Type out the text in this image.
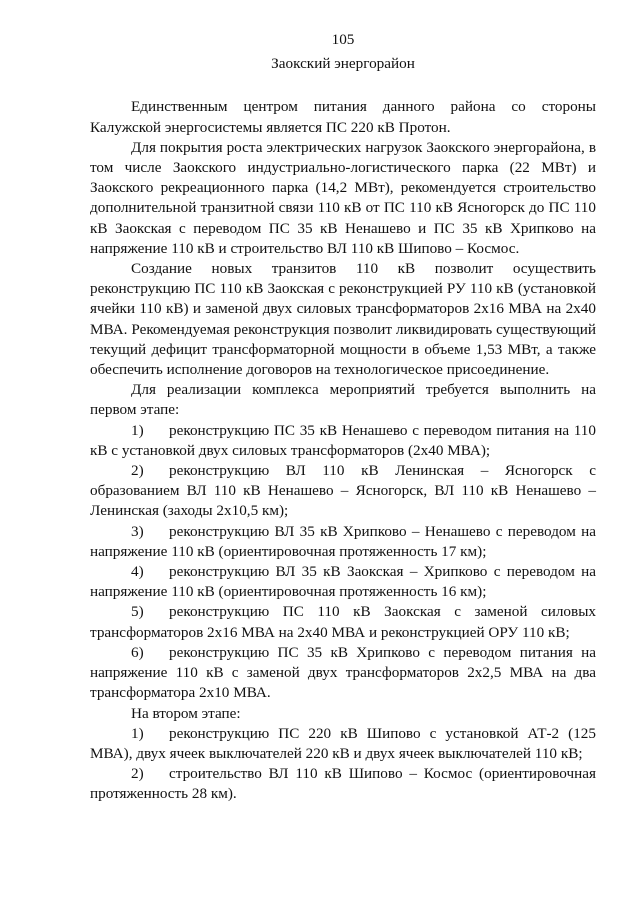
105
Заокский энергорайон

Единственным центром питания данного района со стороны Калужской энергосистемы является ПС 220 кВ Протон.

Для покрытия роста электрических нагрузок Заокского энергорайона, в том числе Заокского индустриально-логистического парка (22 МВт) и Заокского рекреационного парка (14,2 МВт), рекомендуется строительство дополнительной транзитной связи 110 кВ от ПС 110 кВ Ясногорск до ПС 110 кВ Заокская с переводом ПС 35 кВ Ненашево и ПС 35 кВ Хрипково на напряжение 110 кВ и строительство ВЛ 110 кВ Шипово – Космос.

Создание новых транзитов 110 кВ позволит осуществить реконструкцию ПС 110 кВ Заокская с реконструкцией РУ 110 кВ (установкой ячейки 110 кВ) и заменой двух силовых трансформаторов 2х16 МВА на 2х40 МВА. Рекомендуемая реконструкция позволит ликвидировать существующий текущий дефицит трансформаторной мощности в объеме 1,53 МВт, а также обеспечить исполнение договоров на технологическое присоединение.

Для реализации комплекса мероприятий требуется выполнить на первом этапе:

1) реконструкцию ПС 35 кВ Ненашево с переводом питания на 110 кВ с установкой двух силовых трансформаторов (2х40 МВА);
2) реконструкцию ВЛ 110 кВ Ленинская – Ясногорск с образованием ВЛ 110 кВ Ненашево – Ясногорск, ВЛ 110 кВ Ненашево – Ленинская (заходы 2х10,5 км);
3) реконструкцию ВЛ 35 кВ Хрипково – Ненашево с переводом на напряжение 110 кВ (ориентировочная протяженность 17 км);
4) реконструкцию ВЛ 35 кВ Заокская – Хрипково с переводом на напряжение 110 кВ (ориентировочная протяженность 16 км);
5) реконструкцию ПС 110 кВ Заокская с заменой силовых трансформаторов 2х16 МВА на 2х40 МВА и реконструкцией ОРУ 110 кВ;
6) реконструкцию ПС 35 кВ Хрипково с переводом питания на напряжение 110 кВ с заменой двух трансформаторов 2х2,5 МВА на два трансформатора 2х10 МВА.

На втором этапе:

1) реконструкцию ПС 220 кВ Шипово с установкой АТ-2 (125 МВА), двух ячеек выключателей 220 кВ и двух ячеек выключателей 110 кВ;
2) строительство ВЛ 110 кВ Шипово – Космос (ориентировочная протяженность 28 км).
